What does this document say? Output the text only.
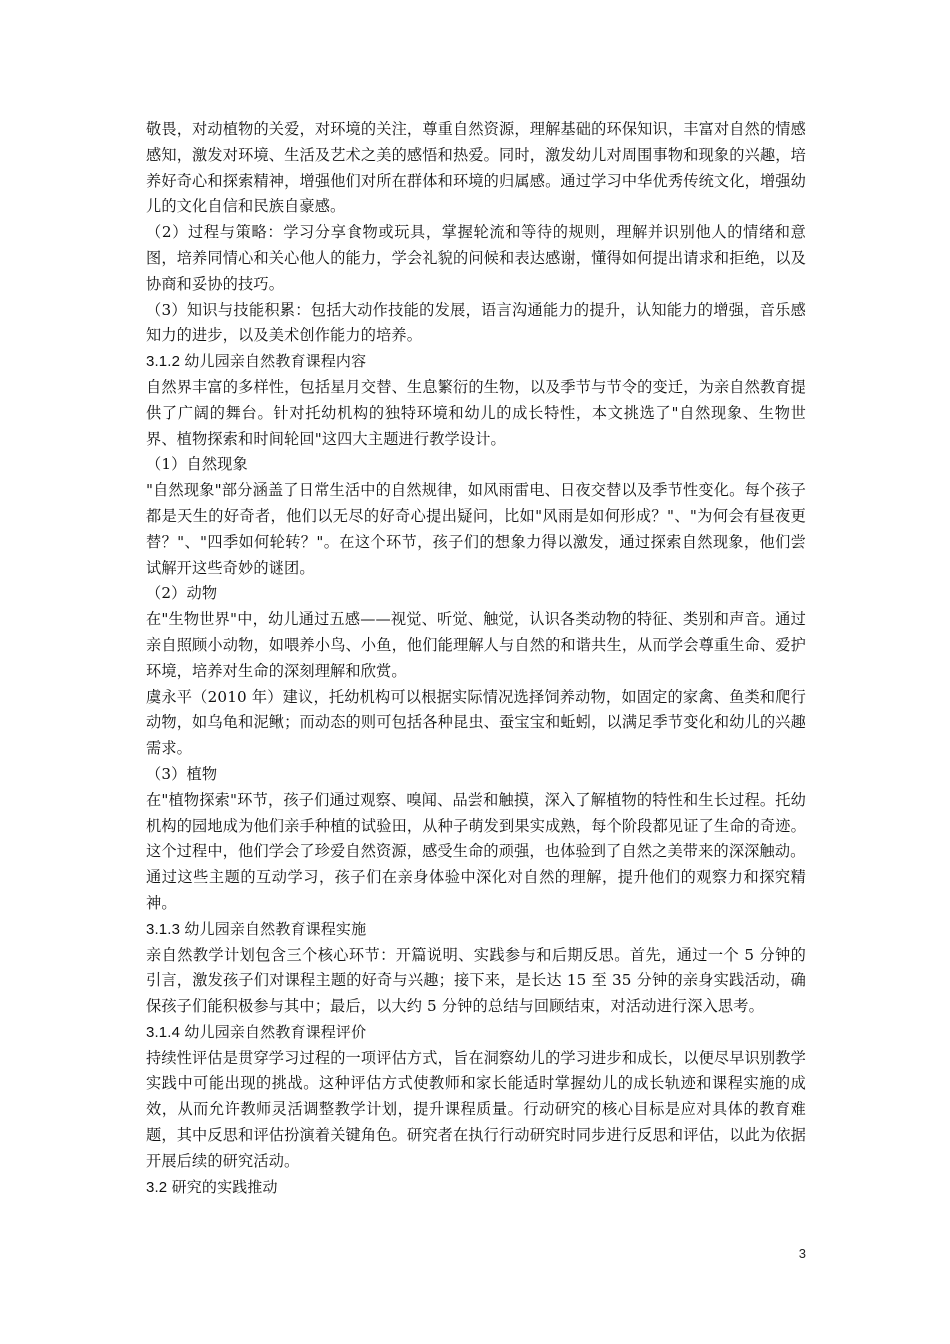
敬畏，对动植物的关爱，对环境的关注，尊重自然资源，理解基础的环保知识，丰富对自然的情感感知，激发对环境、生活及艺术之美的感悟和热爱。同时，激发幼儿对周围事物和现象的兴趣，培养好奇心和探索精神，增强他们对所在群体和环境的归属感。通过学习中华优秀传统文化，增强幼儿的文化自信和民族自豪感。

（2）过程与策略：学习分享食物或玩具，掌握轮流和等待的规则，理解并识别他人的情绪和意图，培养同情心和关心他人的能力，学会礼貌的问候和表达感谢，懂得如何提出请求和拒绝，以及协商和妥协的技巧。

（3）知识与技能积累：包括大动作技能的发展，语言沟通能力的提升，认知能力的增强，音乐感知力的进步，以及美术创作能力的培养。

3.1.2 幼儿园亲自然教育课程内容

自然界丰富的多样性，包括星月交替、生息繁衍的生物，以及季节与节令的变迁，为亲自然教育提供了广阔的舞台。针对托幼机构的独特环境和幼儿的成长特性，本文挑选了"自然现象、生物世界、植物探索和时间轮回"这四大主题进行教学设计。

（1）自然现象

"自然现象"部分涵盖了日常生活中的自然规律，如风雨雷电、日夜交替以及季节性变化。每个孩子都是天生的好奇者，他们以无尽的好奇心提出疑问，比如"风雨是如何形成？"、"为何会有昼夜更替？"、"四季如何轮转？"。在这个环节，孩子们的想象力得以激发，通过探索自然现象，他们尝试解开这些奇妙的谜团。

（2）动物

在"生物世界"中，幼儿通过五感——视觉、听觉、触觉，认识各类动物的特征、类别和声音。通过亲自照顾小动物，如喂养小鸟、小鱼，他们能理解人与自然的和谐共生，从而学会尊重生命、爱护环境，培养对生命的深刻理解和欣赏。

虞永平（2010 年）建议，托幼机构可以根据实际情况选择饲养动物，如固定的家禽、鱼类和爬行动物，如乌龟和泥鳅；而动态的则可包括各种昆虫、蚕宝宝和蚯蚓，以满足季节变化和幼儿的兴趣需求。

（3）植物

在"植物探索"环节，孩子们通过观察、嗅闻、品尝和触摸，深入了解植物的特性和生长过程。托幼机构的园地成为他们亲手种植的试验田，从种子萌发到果实成熟，每个阶段都见证了生命的奇迹。这个过程中，他们学会了珍爱自然资源，感受生命的顽强，也体验到了自然之美带来的深深触动。

通过这些主题的互动学习，孩子们在亲身体验中深化对自然的理解，提升他们的观察力和探究精神。

3.1.3 幼儿园亲自然教育课程实施

亲自然教学计划包含三个核心环节：开篇说明、实践参与和后期反思。首先，通过一个 5 分钟的引言，激发孩子们对课程主题的好奇与兴趣；接下来，是长达 15 至 35 分钟的亲身实践活动，确保孩子们能积极参与其中；最后，以大约 5 分钟的总结与回顾结束，对活动进行深入思考。

3.1.4 幼儿园亲自然教育课程评价

持续性评估是贯穿学习过程的一项评估方式，旨在洞察幼儿的学习进步和成长，以便尽早识别教学实践中可能出现的挑战。这种评估方式使教师和家长能适时掌握幼儿的成长轨迹和课程实施的成效，从而允许教师灵活调整教学计划，提升课程质量。行动研究的核心目标是应对具体的教育难题，其中反思和评估扮演着关键角色。研究者在执行行动研究时同步进行反思和评估，以此为依据开展后续的研究活动。

3.2 研究的实践推动

3
